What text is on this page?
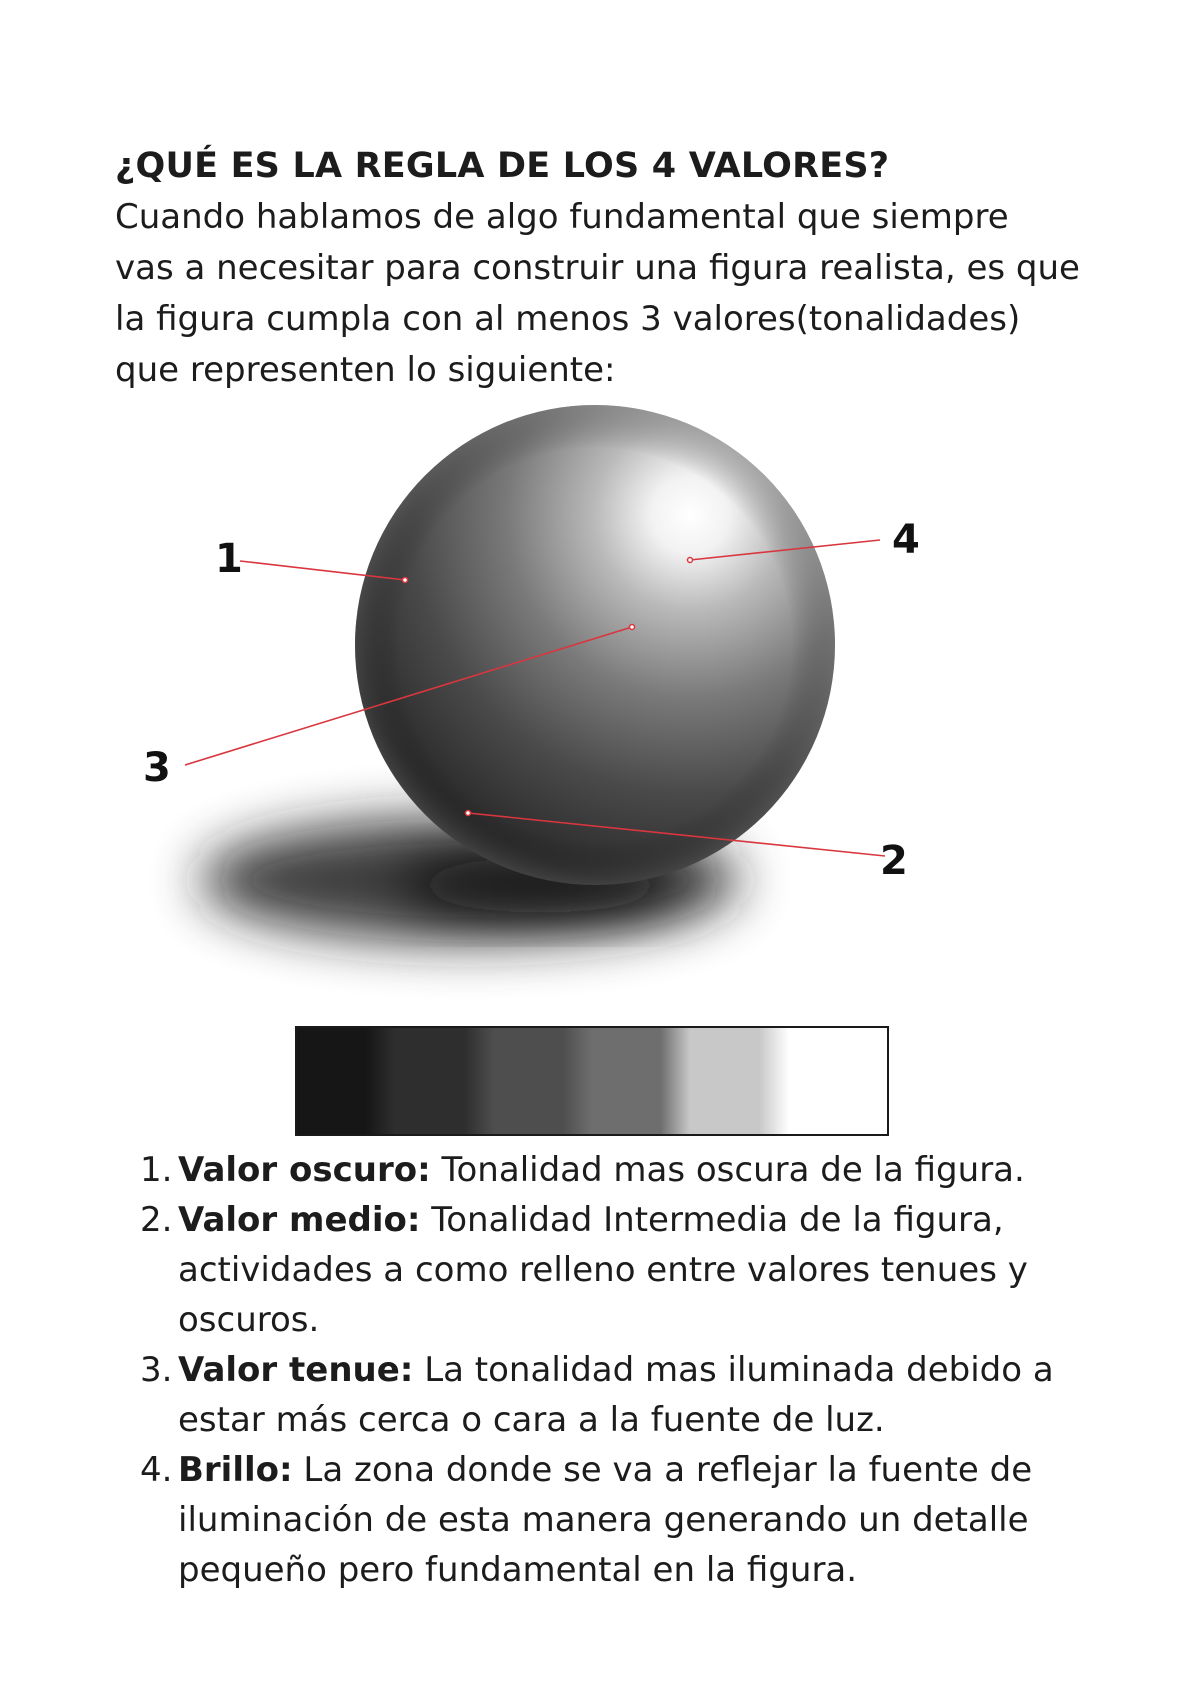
¿QUÉ ES LA REGLA DE LOS 4 VALORES?

Cuando hablamos de algo fundamental que siempre
vas a necesitar para construir una figura realista, es que
la figura cumpla con al menos 3 valores(tonalidades)
que representen lo siguiente:

1	4
3
2
1. Valor oscuro: Tonalidad mas oscura de la figura.
2. Valor medio: Tonalidad Intermedia de la figura,
actividades a como relleno entre valores tenues y
oscuros.
3. Valor tenue: La tonalidad mas iluminada debido a
estar más cerca o cara a la fuente de luz.
4. Brillo: La zona donde se va a reflejar la fuente de
iluminación de esta manera generando un detalle
pequeño pero fundamental en la figura.
